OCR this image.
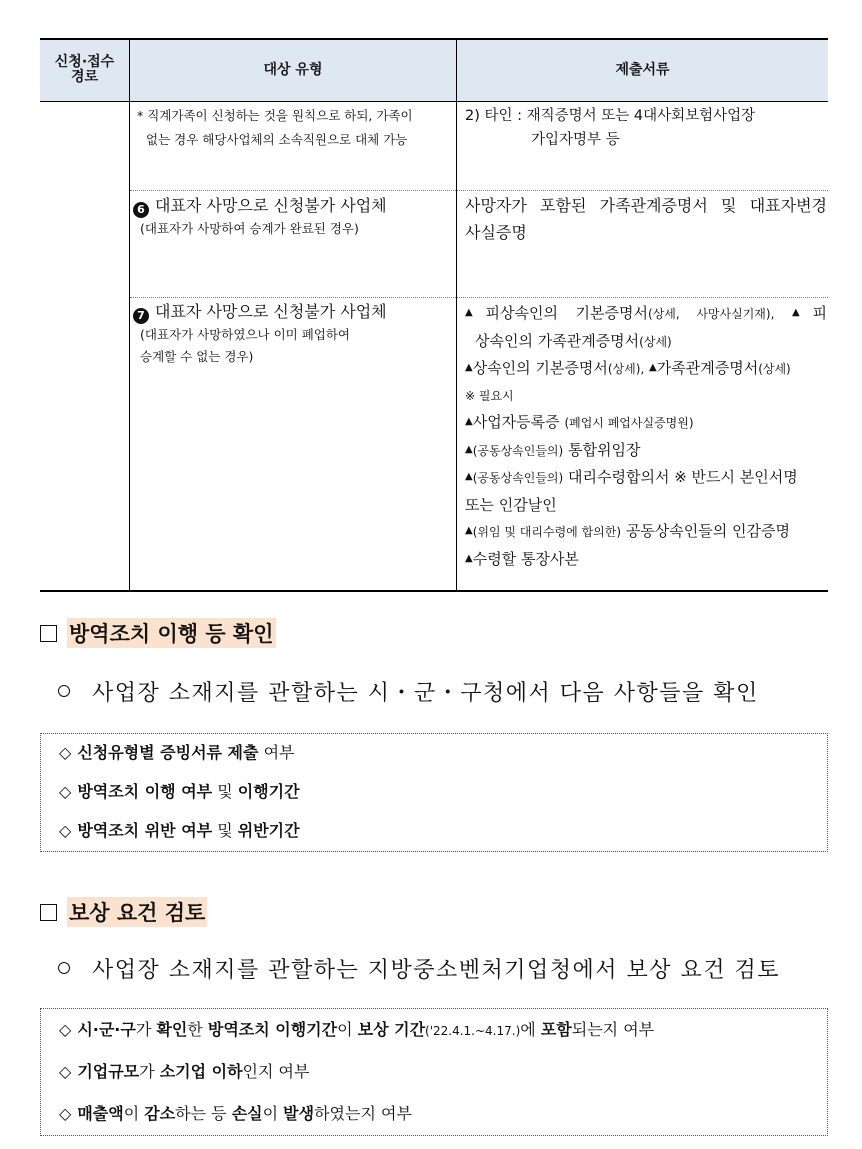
신청·접수
경로	대상 유형	제출서류
* 직계가족이 신청하는 것을 원칙으로 하되, 가족이
없는 경우 해당사업체의 소속직원으로 대체 가능
2) 타인 : 재직증명서 또는 4대사회보험사업장
가입자명부 등
6 대표자 사망으로 신청불가 사업체
(대표자가 사망하여 승계가 완료된 경우)
사망자가 포함된 가족관계증명서 및 대표자변경
사실증명
7 대표자 사망으로 신청불가 사업체
(대표자가 사망하였으나 이미 폐업하여
승계할 수 없는 경우)
▲피상속인의 기본증명서(상세, 사망사실기재), ▲피
상속인의 가족관계증명서(상세)
▲상속인의 기본증명서(상세), ▲가족관계증명서(상세)
※ 필요시
▲사업자등록증 (폐업시 폐업사실증명원)
▲(공동상속인들의) 통합위임장
▲(공동상속인들의) 대리수령합의서 ※ 반드시 본인서명
또는 인감날인
▲(위임 및 대리수령에 합의한) 공동상속인들의 인감증명
▲수령할 통장사본
방역조치 이행 등 확인
사업장 소재지를 관할하는 시・군・구청에서 다음 사항들을 확인
◇ 신청유형별 증빙서류 제출 여부
◇ 방역조치 이행 여부 및 이행기간
◇ 방역조치 위반 여부 및 위반기간
보상 요건 검토
사업장 소재지를 관할하는 지방중소벤처기업청에서 보상 요건 검토
◇ 시·군·구가 확인한 방역조치 이행기간이 보상 기간('22.4.1.~4.17.)에 포함되는지 여부
◇ 기업규모가 소기업 이하인지 여부
◇ 매출액이 감소하는 등 손실이 발생하였는지 여부
